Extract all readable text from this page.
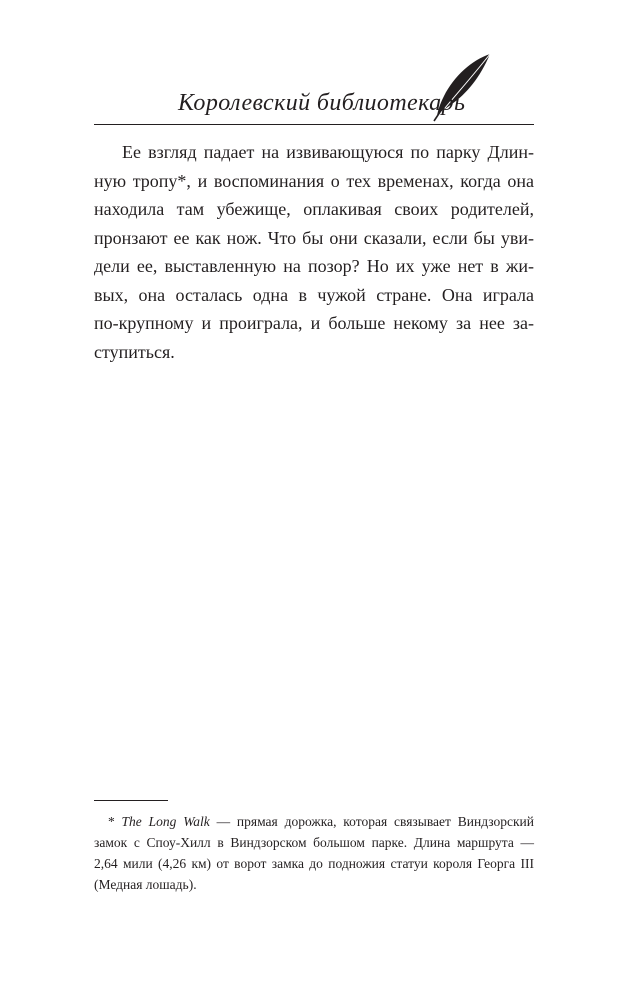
Королевский библиотекарь
Ее взгляд падает на извивающуюся по парку Длин-
ную тропу*, и воспоминания о тех временах, когда она
находила там убежище, оплакивая своих родителей,
пронзают ее как нож. Что бы они сказали, если бы уви-
дели ее, выставленную на позор? Но их уже нет в жи-
вых, она осталась одна в чужой стране. Она играла
по-крупному и проиграла, и больше некому за нее за-
ступиться.
*  The Long Walk — прямая дорожка, которая связывает Виндзорский
замок с Споу-Хилл в Виндзорском большом парке. Длина маршрута —
2,64 мили (4,26 км) от ворот замка до подножия статуи короля Георга III
(Медная лошадь).
